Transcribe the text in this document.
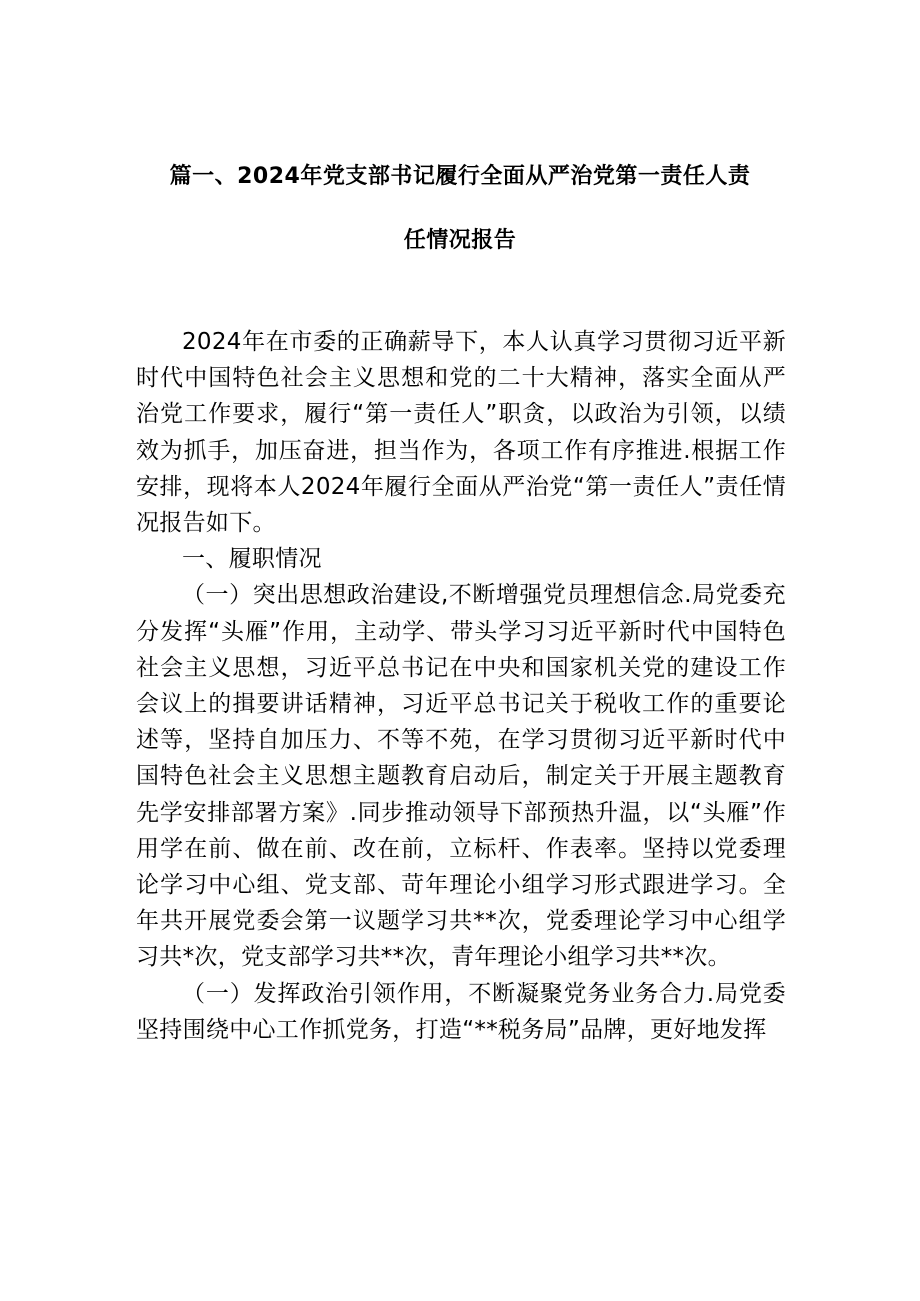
篇一、2024年党支部书记履行全面从严治党第一责任人责
任情况报告

2024年在市委的正确薪导下，本人认真学习贯彻习近平新时代中国特色社会主义思想和党的二十大精神，落实全面从严治党工作要求，履行“第一责任人”职贪，以政治为引领，以绩效为抓手，加压奋进，担当作为，各项工作有序推进.根据工作安排，现将本人2024年履行全面从严治党“第一责任人”责任情况报告如下。

一、履职情况

（一）突出思想政治建设,不断增强党员理想信念.局党委充分发挥“头雁”作用，主动学、带头学习习近平新时代中国特色社会主义思想，习近平总书记在中央和国家机关党的建设工作会议上的揖要讲话精神，习近平总书记关于税收工作的重要论述等，坚持自加压力、不等不苑，在学习贯彻习近平新时代中国特色社会主义思想主题教育启动后，制定关于开展主题教育先学安排部署方案》.同步推动领导下部预热升温，以“头雁”作用学在前、做在前、改在前，立标杆、作表率。坚持以党委理论学习中心组、党支部、苛年理论小组学习形式跟进学习。全年共开展党委会第一议题学习共**次，党委理论学习中心组学习共*次，党支部学习共**次，青年理论小组学习共**次。

（一）发挥政治引领作用，不断凝聚党务业务合力.局党委坚持围绕中心工作抓党务，打造“**税务局”品牌，更好地发挥
